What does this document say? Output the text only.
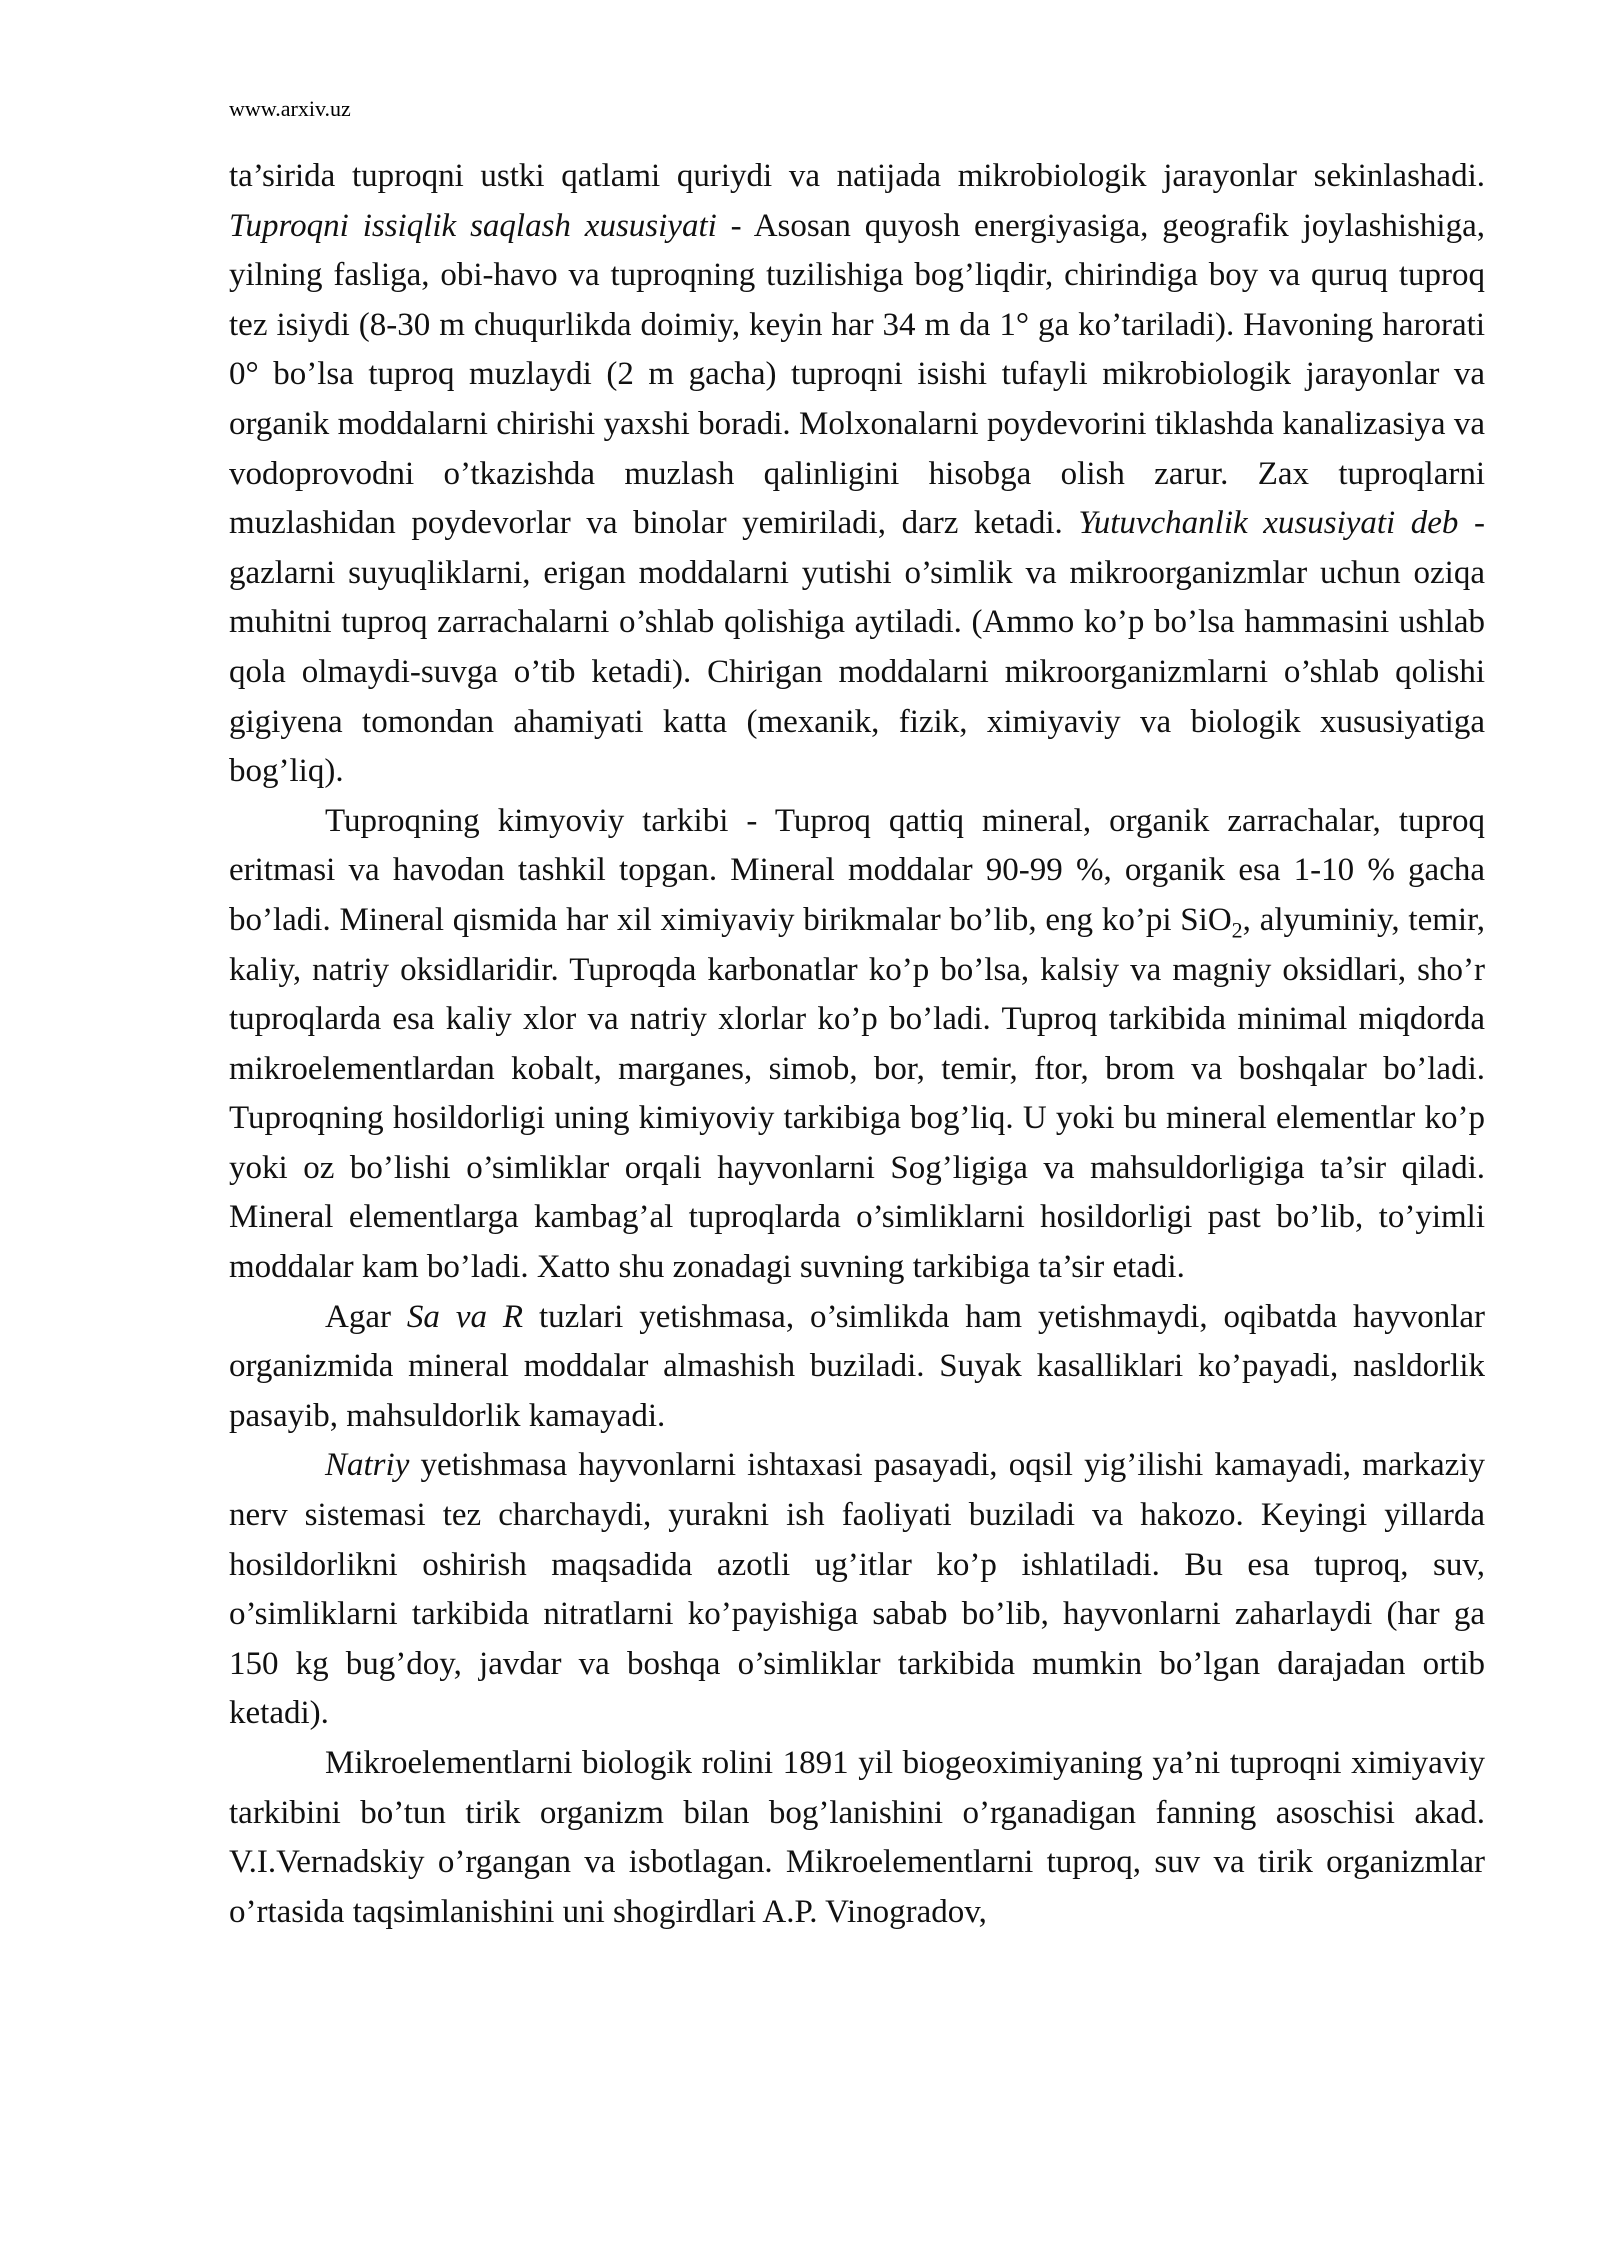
www.arxiv.uz

ta’sirida tuproqni ustki qatlami quriydi va natijada mikrobiologik jarayonlar sekinlashadi. Tuproqni issiqlik saqlash xususiyati - Asosan quyosh energiyasiga, geografik joylashishiga, yilning fasliga, obi-havo va tuproqning tuzilishiga bog’liqdir, chirindiga boy va quruq tuproq tez isiydi (8-30 m chuqurlikda doimiy, keyin har 34 m da 1° ga ko’tariladi). Havoning harorati 0° bo’lsa tuproq muzlaydi (2 m gacha) tuproqni isishi tufayli mikrobiologik jarayonlar va organik moddalarni chirishi yaxshi boradi. Molxonalarni poydevorini tiklashda kanalizasiya va vodoprovodni o’tkazishda muzlash qalinligini hisobga olish zarur. Zax tuproqlarni muzlashidan poydevorlar va binolar yemiriladi, darz ketadi. Yutuvchanlik xususiyati deb - gazlarni suyuqliklarni, erigan moddalarni yutishi o’simlik va mikroorganizmlar uchun oziqa muhitni tuproq zarrachalarni o’shlab qolishiga aytiladi. (Ammo ko’p bo’lsa hammasini ushlab qola olmaydi-suvga o’tib ketadi). Chirigan moddalarni mikroorganizmlarni o’shlab qolishi gigiyena tomondan ahamiyati katta (mexanik, fizik, ximiyaviy va biologik xususiyatiga bog’liq).

Tuproqning kimyoviy tarkibi - Tuproq qattiq mineral, organik zarrachalar, tuproq eritmasi va havodan tashkil topgan. Mineral moddalar 90-99 %, organik esa 1-10 % gacha bo’ladi. Mineral qismida har xil ximiyaviy birikmalar bo’lib, eng ko’pi SiO$_2$, alyuminiy, temir, kaliy, natriy oksidlaridir. Tuproqda karbonatlar ko’p bo’lsa, kalsiy va magniy oksidlari, sho’r tuproqlarda esa kaliy xlor va natriy xlorlar ko’p bo’ladi. Tuproq tarkibida minimal miqdorda mikroelementlardan kobalt, marganes, simob, bor, temir, ftor, brom va boshqalar bo’ladi. Tuproqning hosildorligi uning kimiyoviy tarkibiga bog’liq. U yoki bu mineral elementlar ko’p yoki oz bo’lishi o’simliklar orqali hayvonlarni Sog’ligiga va mahsuldorligiga ta’sir qiladi. Mineral elementlarga kambag’al tuproqlarda o’simliklarni hosildorligi past bo’lib, to’yimli moddalar kam bo’ladi. Xatto shu zonadagi suvning tarkibiga ta’sir etadi.

Agar Sa va R tuzlari yetishmasa, o’simlikda ham yetishmaydi, oqibatda hayvonlar organizmida mineral moddalar almashish buziladi. Suyak kasalliklari ko’payadi, nasldorlik pasayib, mahsuldorlik kamayadi.

Natriy yetishmasa hayvonlarni ishtaxasi pasayadi, oqsil yig’ilishi kamayadi, markaziy nerv sistemasi tez charchaydi, yurakni ish faoliyati buziladi va hakozo. Keyingi yillarda hosildorlikni oshirish maqsadida azotli ug’itlar ko’p ishlatiladi. Bu esa tuproq, suv, o’simliklarni tarkibida nitratlarni ko’payishiga sabab bo’lib, hayvonlarni zaharlaydi (har ga 150 kg bug’doy, javdar va boshqa o’simliklar tarkibida mumkin bo’lgan darajadan ortib ketadi).

Mikroelementlarni biologik rolini 1891 yil biogeoximiyaning ya’ni tuproqni ximiyaviy tarkibini bo’tun tirik organizm bilan bog’lanishini o’rganadigan fanning asoschisi akad. V.I.Vernadskiy o’rgangan va isbotlagan. Mikroelementlarni tuproq, suv va tirik organizmlar o’rtasida taqsimlanishini uni shogirdlari A.P. Vinogradov,
